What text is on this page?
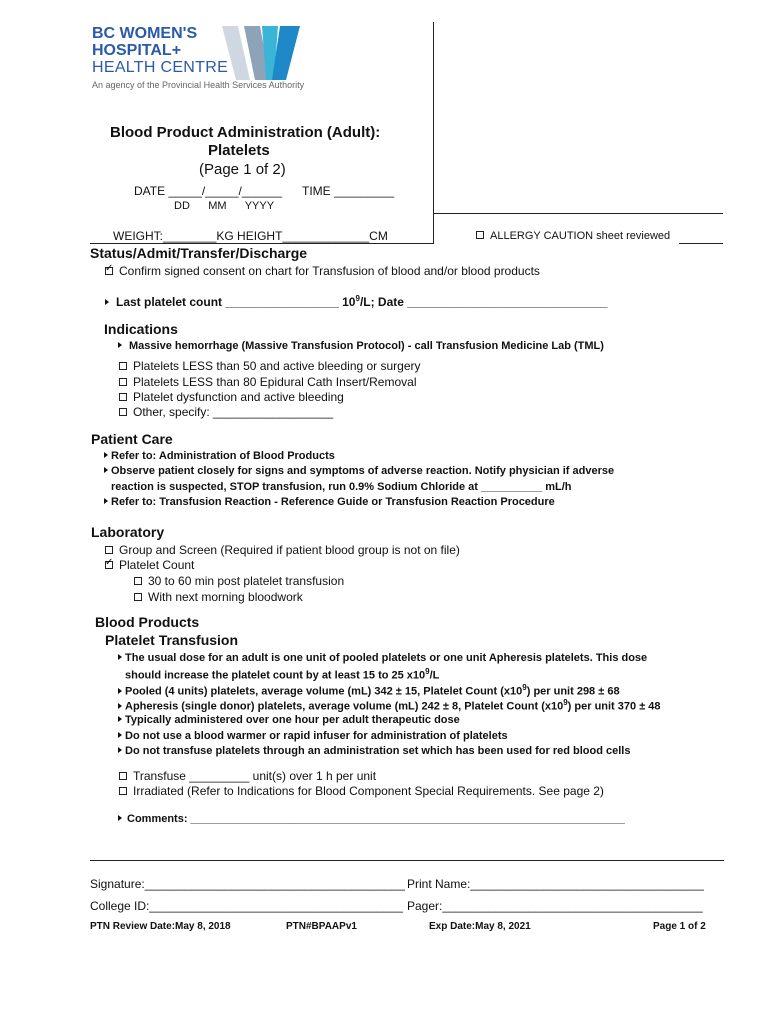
BC WOMEN'S
HOSPITAL+
HEALTH CENTRE
An agency of the Provincial Health Services Authority
Blood Product Administration (Adult):
Platelets
(Page 1 of 2)
DATE _____/_____/______ TIME _________
DD      MM      YYYY
WEIGHT:________KG HEIGHT_____________CM	ALLERGY CAUTION sheet reviewed
Status/Admit/Transfer/Discharge
✓Confirm signed consent on chart for Transfusion of blood and/or blood products
Last platelet count _________________ $10^9/L$; Date ______________________________
Indications
Massive hemorrhage (Massive Transfusion Protocol) - call Transfusion Medicine Lab (TML)
Platelets LESS than 50 and active bleeding or surgery
Platelets LESS than 80 Epidural Cath Insert/Removal
Platelet dysfunction and active bleeding
Other, specify: __________________
Patient Care
Refer to: Administration of Blood Products
Observe patient closely for signs and symptoms of adverse reaction. Notify physician if adverse
reaction is suspected, STOP transfusion, run 0.9% Sodium Chloride at __________ mL/h
Refer to: Transfusion Reaction - Reference Guide or Transfusion Reaction Procedure
Laboratory
Group and Screen (Required if patient blood group is not on file)
✓Platelet Count
30 to 60 min post platelet transfusion
With next morning bloodwork
Blood Products
Platelet Transfusion
The usual dose for an adult is one unit of pooled platelets or one unit Apheresis platelets. This dose
should increase the platelet count by at least 15 to 25 $x10^9/L$
Pooled (4 units) platelets, average volume (mL) 342 ± 15, Platelet Count $(x10^9)$ per unit 298 ± 68
Apheresis (single donor) platelets, average volume (mL) 242 ± 8, Platelet Count $(x10^9)$ per unit 370 ± 48
Typically administered over one hour per adult therapeutic dose
Do not use a blood warmer or rapid infuser for administration of platelets
Do not transfuse platelets through an administration set which has been used for red blood cells
Transfuse _________ unit(s) over 1 h per unit
Irradiated (Refer to Indications for Blood Component Special Requirements. See page 2)
Comments: _______________________________________________________________________
Signature:_______________________________________ Print Name:___________________________________
College ID:______________________________________ Pager:_______________________________________
PTN Review Date:May 8, 2018	PTN#BPAAPv1	Exp Date:May 8, 2021	Page 1 of 2
